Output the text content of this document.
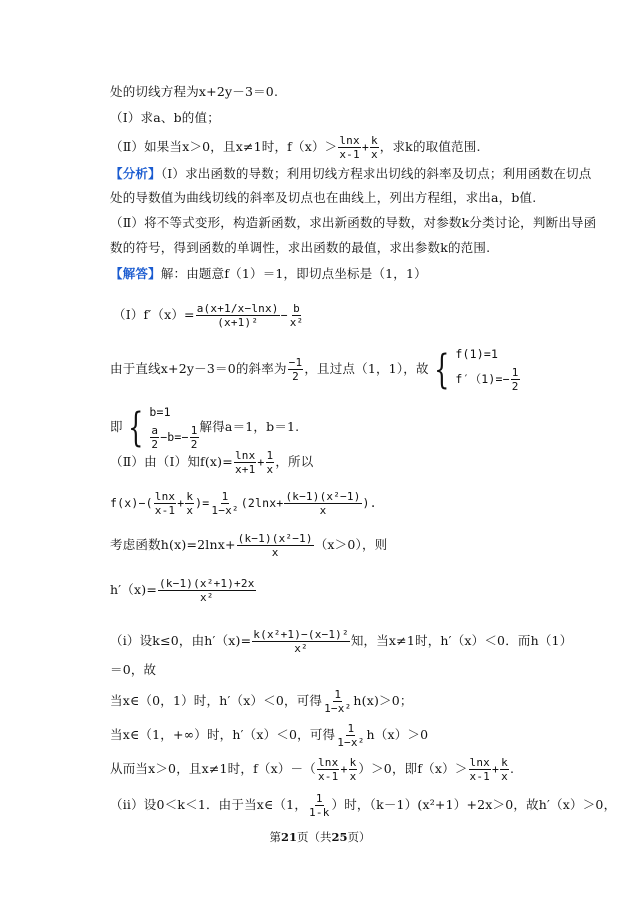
处的切线方程为x+2y－3＝0.
（Ⅰ）求a、b的值；
（Ⅱ）如果当x＞0，且x≠1时，$f(x)> \frac{\ln x}{x-1} + \frac{k}{x}$ ，求k的取值范围.
【分析】（Ⅰ）求出函数的导数；利用切线方程求出切线的斜率及切点；利用函数在切点
处的导数值为曲线切线的斜率及切点也在曲线上，列出方程组，求出a，b值.
（Ⅱ）将不等式变形，构造新函数，求出新函数的导数，对参数k分类讨论，判断出导函
数的符号，得到函数的单调性，求出函数的最值，求出参数k的范围.
【解答】解：由题意f（1）＝1，即切点坐标是（1，1）
（Ⅰ）f′（x）= $\frac{a(x+1/x-\ln x)}{\text{(x+1)²}} - \frac{b}{\text{x²}}$
由于直线x+2y－3＝0的斜率为 $\frac{-1}{2}$ ，且过点（1，1），故 { f(1)=1
$f'(1)=- \frac{1}{2}$
即 { b=1
$\frac{a}{2} -b=- \frac{1}{2}$ 解得a＝1，b＝1.
（Ⅱ）由（Ⅰ）知$f(x)= \frac{\ln x}{x+1} + \frac{1}{x}$ ，所以
$f(x)-( \frac{\ln x}{x-1} + \frac{k}{x}$ )= $\frac{1}{\text{1−x²}} (2\ln x+ \frac{\text{(k−1)(x²−1)}}{x}$ ).
考虑函数$h(x)=2\ln x+ \frac{\text{(k−1)(x²−1)}}{x} (x>0)$，则
$h'(x)= \frac{\text{(k−1)(x²+1)+2x}}{\text{x²}}$
（i）设k≤0，由$h'(x)= \frac{\text{k(x²+1)−(x−1)²}}{\text{x²}}$ 知，当x≠1时，h′（x）＜0．而h（1）
＝0，故
当x∈（0，1）时，h′（x）＜0，可得 $\frac{1}{\text{1−x²}} h(x)>0$；
当x∈（1，+∞）时，h′（x）＜0，可得 $\frac{1}{\text{1−x²}} h(x)>0$
从而当x＞0，且x≠1时，$f(x)-( \frac{\ln x}{x-1} + \frac{k}{x} )>0$，即$f(x)> \frac{\ln x}{x-1} + \frac{k}{x}$ .
（ii）设0＜k＜1．由于当x∈（1， $\frac{1}{1-k}$ ）时，（k－1）(x²+1）+2x＞0，故h′（x）＞0，
第21页（共25页）
